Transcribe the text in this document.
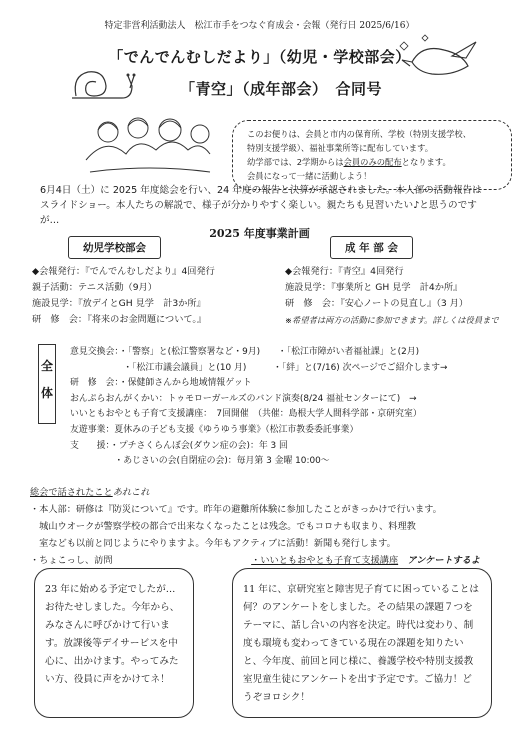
特定非営利活動法人　松江市手をつなぐ育成会・会報（発行日 2025/6/16）
「でんでんむしだより」（幼児・学校部会）
「青空」（成年部会）　合同号
このお便りは、会員と市内の保育所、学校（特別支援学校、
特別支援学級）、福祉事業所等に配布しています。
幼学部では、2学期からは会員のみの配布となります。
会員になって一緒に活動しよう！
6月4日（土）に 2025 年度総会を行い、24 年度の報告と決算が承認されました。本人部の活動報告はスライドショー。本人たちの解説で、様子が分かりやすく楽しい。親たちも見習いたい♪と思うのですが…
2025 年度事業計画
幼児学校部会	成 年 部 会
◆会報発行：『でんでんむしだより』4回発行
親子活動：テニス活動（9月）
施設見学：『放デイとGH 見学　計3か所』
研　修　会：『将来のお金問題について。』
◆会報発行：『青空』4回発行
施設見学：『事業所と GH 見学　計4か所』
研　修　会：『安心ノートの見直し』（3 月）
※希望者は両方の活動に参加できます。詳しくは役員まで
全
体
意見交換会：・「警察」と(松江警察署など・9月)　　・「松江市障がい者福祉課」と(2月)
　　　　　　・「松江市議会議員」と(10 月)　　　・「絆」と(7/16) 次ページでご紹介します→
研　修　会：・保健師さんから地域情報ゲット
おんぷらおんがくかい：トゥモローガールズのバンド演奏(8/24 福祉センターにて)　→
いいともおやとも子育て支援講座：　7回開催　（共催：島根大学人間科学部・京研究室）
友遊事業：夏休みの子ども支援《ゆうゆう事業》（松江市教委委託事業）
支　　援：・プチさくらんぼ会(ダウン症の会)：年 3 回
　　　　　・あじさいの会(自閉症の会)：毎月第 3 金曜 10:00～
総会で話されたことあれこれ
・本人部：研修は『防災について』です。昨年の避難所体験に参加したことがきっかけで行います。
　城山ウオークが警察学校の都合で出来なくなったことは残念。でもコロナも収まり、料理教
　室なども以前と同じようにやりますよ。今年もアクティブに活動！新聞も発行します。
・ちょこっし、訪問	・いいともおやとも子育て支援講座　 アンケートするよ
23 年に始める予定でしたが…お待たせしました。今年から、みなさんに呼びかけて行います。放課後等デイサービスを中心に、出かけます。やってみたい方、役員に声をかけてネ！
11 年に、京研究室と障害児子育てに困っていることは何？のアンケートをしました。その結果の課題７つをテーマに、話し合いの内容を決定。時代は変わり、制度も環境も変わってきている現在の課題を知りたいと、今年度、前回と同じ様に、養護学校や特別支援教室児童生徒にアンケートを出す予定です。ご協力！どうぞヨロシク！
